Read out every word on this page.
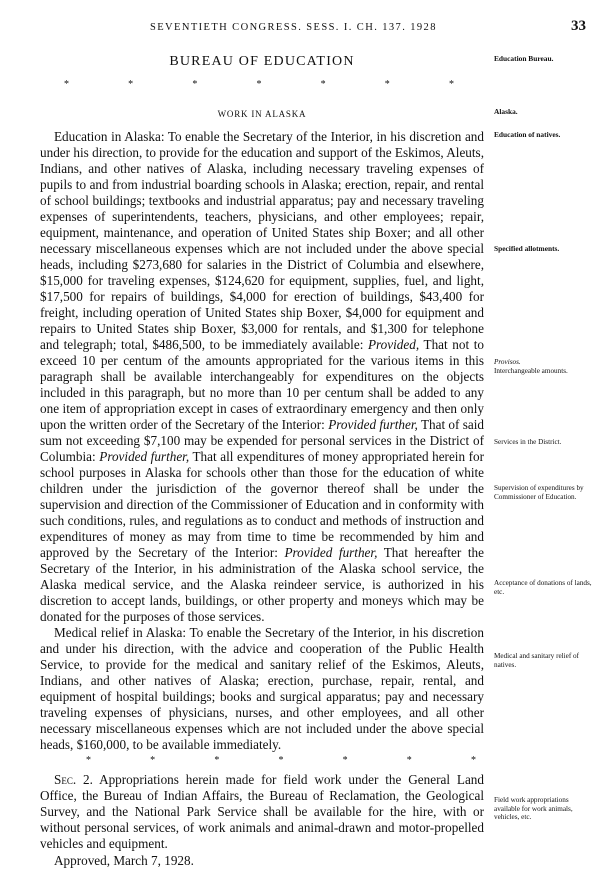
SEVENTIETH CONGRESS. SESS. I. CH. 137. 1928	33
BUREAU OF EDUCATION
*	*	*	*	*	*	*
WORK IN ALASKA

Education in Alaska: To enable the Secretary of the Interior, in his discretion and under his direction, to provide for the education and support of the Eskimos, Aleuts, Indians, and other natives of Alaska, including necessary traveling expenses of pupils to and from industrial boarding schools in Alaska; erection, repair, and rental of school buildings; textbooks and industrial apparatus; pay and necessary traveling expenses of superintendents, teachers, physicians, and other employees; repair, equipment, maintenance, and operation of United States ship Boxer; and all other necessary miscellaneous expenses which are not included under the above special heads, including $273,680 for salaries in the District of Columbia and elsewhere, $15,000 for traveling expenses, $124,620 for equipment, supplies, fuel, and light, $17,500 for repairs of buildings, $4,000 for erection of buildings, $43,400 for freight, including operation of United States ship Boxer, $4,000 for equipment and repairs to United States ship Boxer, $3,000 for rentals, and $1,300 for telephone and telegraph; total, $486,500, to be immediately available: Provided, That not to exceed 10 per centum of the amounts appropriated for the various items in this paragraph shall be available interchangeably for expenditures on the objects included in this paragraph, but no more than 10 per centum shall be added to any one item of appropriation except in cases of extraordinary emergency and then only upon the written order of the Secretary of the Interior: Provided further, That of said sum not exceeding $7,100 may be expended for personal services in the District of Columbia: Provided further, That all expenditures of money appropriated herein for school purposes in Alaska for schools other than those for the education of white children under the jurisdiction of the governor thereof shall be under the supervision and direction of the Commissioner of Education and in conformity with such conditions, rules, and regulations as to conduct and methods of instruction and expenditures of money as may from time to time be recommended by him and approved by the Secretary of the Interior: Provided further, That hereafter the Secretary of the Interior, in his administration of the Alaska school service, the Alaska medical service, and the Alaska reindeer service, is authorized in his discretion to accept lands, buildings, or other property and moneys which may be donated for the purposes of those services.

Medical relief in Alaska: To enable the Secretary of the Interior, in his discretion and under his direction, with the advice and cooperation of the Public Health Service, to provide for the medical and sanitary relief of the Eskimos, Aleuts, Indians, and other natives of Alaska; erection, purchase, repair, rental, and equipment of hospital buildings; books and surgical apparatus; pay and necessary traveling expenses of physicians, nurses, and other employees, and all other necessary miscellaneous expenses which are not included under the above special heads, $160,000, to be available immediately.

*	*	*	*	*	*	*

Sec. 2. Appropriations herein made for field work under the General Land Office, the Bureau of Indian Affairs, the Bureau of Reclamation, the Geological Survey, and the National Park Service shall be available for the hire, with or without personal services, of work animals and animal-drawn and motor-propelled vehicles and equipment.

Approved, March 7, 1928.
Education Bureau.
Alaska.
Education of natives.
Specified allotments.
Provisos.
Interchangeable amounts.
Services in the District.
Supervision of expenditures by Commissioner of Education.
Acceptance of donations of lands, etc.
Medical and sanitary relief of natives.
Field work appropriations available for work animals, vehicles, etc.
